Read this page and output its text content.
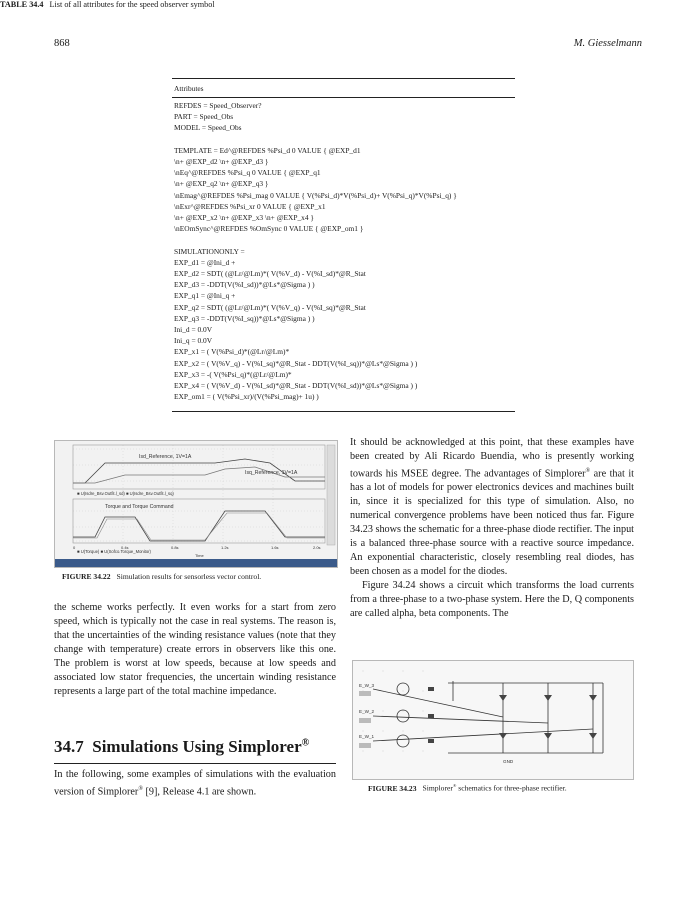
868	M. Giesselmann
TABLE 34.4 List of all attributes for the speed observer symbol
Attributes
REFDES = Speed_Observer?
PART = Speed_Obs
MODEL = Speed_Obs
TEMPLATE = Ed^@REFDES %Psi_d 0 VALUE { @EXP_d1
\n+ @EXP_d2 \n+ @EXP_d3 }
\nEq^@REFDES %Psi_q 0 VALUE { @EXP_q1
\n+ @EXP_q2 \n+ @EXP_q3 }
\nEmag^@REFDES %Psi_mag 0 VALUE { V(%Psi_d)*V(%Psi_d)+ V(%Psi_q)*V(%Psi_q) }
\nExr^@REFDES %Psi_xr 0 VALUE { @EXP_x1
\n+ @EXP_x2 \n+ @EXP_x3 \n+ @EXP_x4 }
\nEOmSync^@REFDES %OmSync 0 VALUE { @EXP_om1 }
SIMULATIONONLY =
EXP_d1 = @Ini_d +
EXP_d2 = SDT( (@Lr/@Lm)*( V(%V_d) - V(%I_sd)*@R_Stat
EXP_d3 = -DDT(V(%I_sd))*@Ls*@Sigma ) )
EXP_q1 = @Ini_q +
EXP_q2 = SDT( (@Lr/@Lm)*( V(%V_q) - V(%I_sq)*@R_Stat
EXP_q3 = -DDT(V(%I_sq))*@Ls*@Sigma ) )
Ini_d = 0.0V
Ini_q = 0.0V
EXP_x1 = ( V(%Psi_d)*(@Lr/@Lm)*
EXP_x2 = ( V(%V_q) - V(%I_sq)*@R_Stat - DDT(V(%I_sq))*@Ls*@Sigma ) )
EXP_x3 = -( V(%Psi_q)*(@Lr/@Lm)*
EXP_x4 = ( V(%V_d) - V(%I_sd)*@R_Stat - DDT(V(%I_sd))*@Ls*@Sigma ) )
EXP_om1 = ( V(%Psi_xr)/(V(%Psi_mag)+ 1u) )
Isd_Reference, 1V=1A
Isq_Reference, 1V=1A
■ U(Isdre_Bsv.Outfit.l_sd) ■ U(Isdre_Bsv.Outfit.l_sq)
Torque and Torque Command
■ U(Torque) ■ U(Sofco.Torque_Monitor)
0	0.4s	0.8s	1.2s	1.6s	2.0s
Time
FIGURE 34.22 Simulation results for sensorless vector control.

the scheme works perfectly. It even works for a start from zero speed, which is typically not the case in real systems. The reason is, that the uncertainties of the winding resistance values (note that they change with temperature) create errors in observers like this one. The problem is worst at low speeds, because at low speeds and associated low stator frequencies, the uncertain winding resistance represents a large part of the total machine impedance.

34.7 Simulations Using Simplorer®

In the following, some examples of simulations with the evaluation version of Simplorer® [9], Release 4.1 are shown.

It should be acknowledged at this point, that these examples have been created by Ali Ricardo Buendia, who is presently working towards his MSEE degree. The advantages of Simplorer® are that it has a lot of models for power electronics devices and machines built in, since it is specialized for this type of simulation. Also, no numerical convergence problems have been noticed thus far. Figure 34.23 shows the schematic for a three-phase diode rectifier. The input is a balanced three-phase source with a reactive source impedance. An exponential characteristic, closely resembling real diodes, has been chosen as a model for the diodes.

Figure 34.24 shows a circuit which transforms the load currents from a three-phase to a two-phase system. Here the D, Q components are called alpha, beta components. The

E_W_3
E_W_2
E_W_1
GND
FIGURE 34.23 Simplorer® schematics for three-phase rectifier.
